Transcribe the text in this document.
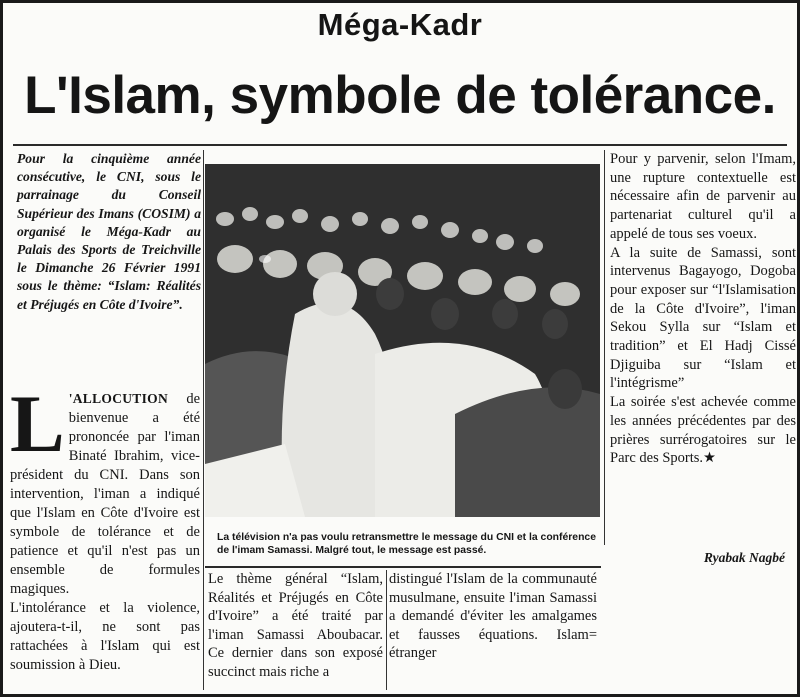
Méga-Kadr
L'Islam, symbole de tolérance.
Pour la cinquième année consécutive, le CNI, sous le parrainage du Conseil Supérieur des Imans (COSIM) a organisé le Méga-Kadr au Palais des Sports de Treichville le Dimanche 26 Février 1991 sous le thème: “Islam: Réalités et Préjugés en Côte d'Ivoire”.

L 'ALLOCUTION de bienvenue a été prononcée par l'iman Binaté Ibrahim, vice-président du CNI. Dans son intervention, l'iman a indiqué que l'Islam en Côte d'Ivoire est symbole de tolérance et de patience et qu'il n'est pas un ensemble de formules magiques.

L'intolérance et la violence, ajoutera-t-il, ne sont pas rattachées à l'Islam qui est soumission à Dieu.

La télévision n'a pas voulu retransmettre le message du CNI et la conférence de l'imam Samassi. Malgré tout, le message est passé.
Le thème général “Islam, Réalités et Préjugés en Côte d'Ivoire” a été traité par l'iman Samassi Aboubacar. Ce dernier dans son exposé succinct mais riche a
distingué l'Islam de la communauté musulmane, ensuite l'iman Samassi a demandé d'éviter les amalgames et fausses équations. Islam= étranger

Pour y parvenir, selon l'Imam, une rupture contextuelle est nécessaire afin de parvenir au partenariat culturel qu'il a appelé de tous ses voeux.

A la suite de Samassi, sont intervenus Bagayogo, Dogoba pour exposer sur “l'Islamisation de la Côte d'Ivoire”, l'iman Sekou Sylla sur “Islam et tradition” et El Hadj Cissé Djiguiba sur “Islam et l'intégrisme”

La soirée s'est achevée comme les années précédentes par des prières surrérogatoires sur le Parc des Sports.★

Ryabak Nagbé
